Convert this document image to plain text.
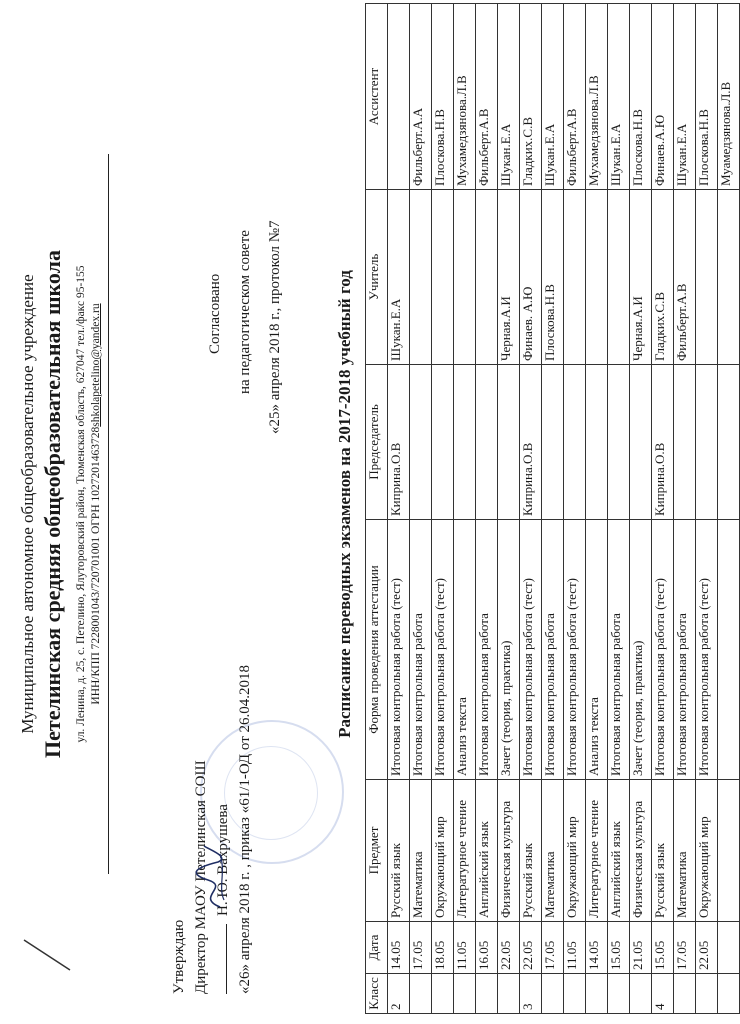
Муниципальное автономное общеобразовательное учреждение Петелинская средняя общеобразовательная школа ул. Ленина, д. 25, с. Петелино, Ялуторовский район, Тюменская область, 627047 тел./факс 95-155 ИНН/КПП 7228001043/720701001 ОГРН 1027201463728shkolapetelino@yandex.ru
Утверждаю Директор МАОУ Петелинская СОШ Н. Ю. Вахрушева «26» апреля 2018 г. , приказ «61/1-ОД от 26.04.2018
Согласовано на педагогическом совете «25» апреля 2018 г., протокол №7	Расписание переводных экзаменов на 2017-2018 учебный год
Класс	Дата	Предмет	Форма проведения аттестации	Председатель	Учитель	Ассистент
2	14.05	Русский язык	Итоговая контрольная работа (тест)	Киприна.О.В	Шукан.Е.А	
	17.05	Математика	Итоговая контрольная работа			Фильберт.А.А
	18.05	Окружающий мир	Итоговая контрольная работа (тест)			Плоскова.Н.В
	11.05	Литературное чтение	Анализ текста			Мухамедзянова.Л.В
	16.05	Английский язык	Итоговая контрольная работа			Фильберт.А.В
	22.05	Физическая культура	Зачет (теория, практика)		Черная.А.И	Шукан.Е.А
3	22.05	Русский язык	Итоговая контрольная работа (тест)	Киприна.О.В	Финаев. А.Ю	Гладких.С.В
	17.05	Математика	Итоговая контрольная работа		Плоскова.Н.В	Шукан.Е.А
	11.05	Окружающий мир	Итоговая контрольная работа (тест)			Фильберт.А.В
	14.05	Литературное чтение	Анализ текста			Мухамедзянова.Л.В
	15.05	Английский язык	Итоговая контрольная работа			Шукан.Е.А
	21.05	Физическая культура	Зачет (теория, практика)		Черная.А.И	Плоскова.Н.В
4	15.05	Русский язык	Итоговая контрольная работа (тест)	Киприна.О.В	Гладких.С.В	Финаев.А.Ю
	17.05	Математика	Итоговая контрольная работа		Фильберт.А.В	Шукан.Е.А
	22.05	Окружающий мир	Итоговая контрольная работа (тест)			Плоскова.Н.В
						Муамедзянова.Л.В
